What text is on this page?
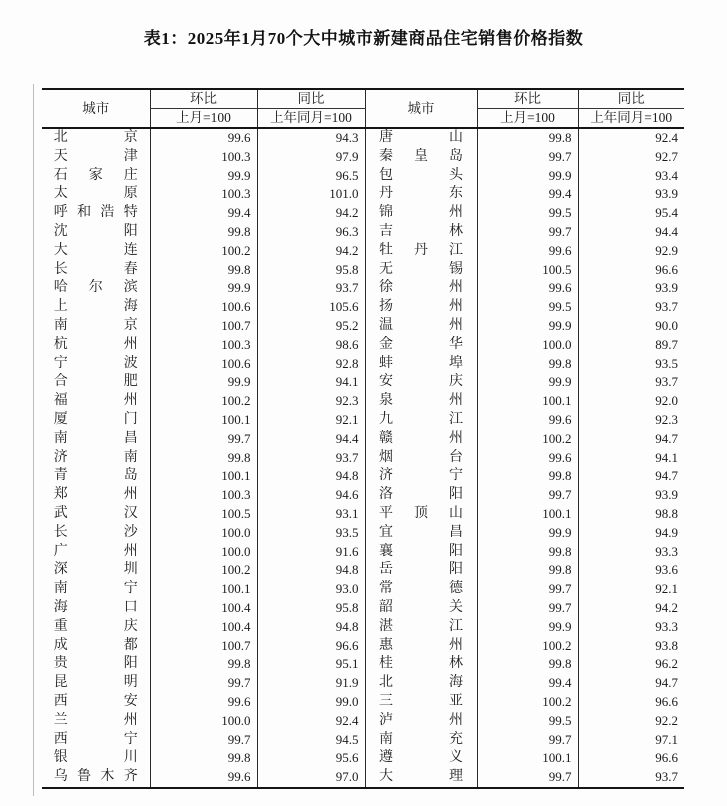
表1：2025年1月70个大中城市新建商品住宅销售价格指数
城市	环比	同比	城市	环比	同比
	上月=100	上年同月=100		上月=100	上年同月=100

北 京	99.6	94.3	唐 山	99.8	92.4

天 津	100.3	97.9	秦 皇 岛	99.7	92.7

石 家 庄	99.9	96.5	包 头	99.9	93.4

太 原	100.3	101.0	丹 东	99.4	93.9

呼 和 浩 特	99.4	94.2	锦 州	99.5	95.4

沈 阳	99.8	96.3	吉 林	99.7	94.4

大 连	100.2	94.2	牡 丹 江	99.6	92.9

长 春	99.8	95.8	无 锡	100.5	96.6

哈 尔 滨	99.9	93.7	徐 州	99.6	93.9

上 海	100.6	105.6	扬 州	99.5	93.7

南 京	100.7	95.2	温 州	99.9	90.0

杭 州	100.3	98.6	金 华	100.0	89.7

宁 波	100.6	92.8	蚌 埠	99.8	93.5

合 肥	99.9	94.1	安 庆	99.9	93.7

福 州	100.2	92.3	泉 州	100.1	92.0

厦 门	100.1	92.1	九 江	99.6	92.3

南 昌	99.7	94.4	赣 州	100.2	94.7

济 南	99.8	93.7	烟 台	99.6	94.1

青 岛	100.1	94.8	济 宁	99.8	94.7

郑 州	100.3	94.6	洛 阳	99.7	93.9

武 汉	100.5	93.1	平 顶 山	100.1	98.8

长 沙	100.0	93.5	宜 昌	99.9	94.9

广 州	100.0	91.6	襄 阳	99.8	93.3

深 圳	100.2	94.8	岳 阳	99.8	93.6

南 宁	100.1	93.0	常 德	99.7	92.1

海 口	100.4	95.8	韶 关	99.7	94.2

重 庆	100.4	94.8	湛 江	99.9	93.3

成 都	100.7	96.6	惠 州	100.2	93.8

贵 阳	99.8	95.1	桂 林	99.8	96.2

昆 明	99.7	91.9	北 海	99.4	94.7

西 安	99.6	99.0	三 亚	100.2	96.6

兰 州	100.0	92.4	泸 州	99.5	92.2

西 宁	99.7	94.5	南 充	99.7	97.1

银 川	99.8	95.6	遵 义	100.1	96.6

乌 鲁 木 齐	99.6	97.0	大 理	99.7	93.7
